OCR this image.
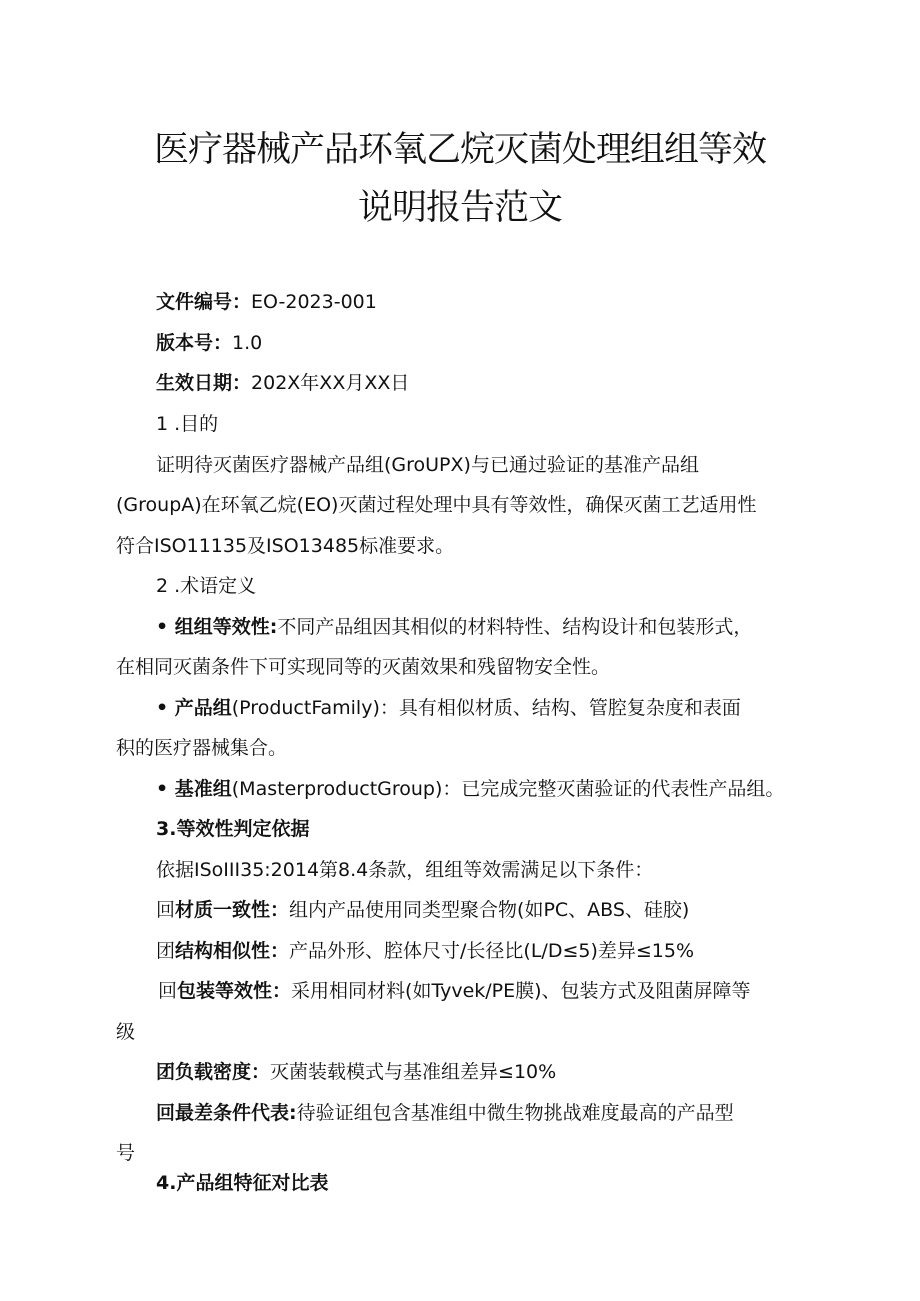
医疗器械产品环氧乙烷灭菌处理组组等效
说明报告范文

文件编号：EO-2023-001

版本号：1.0

生效日期：202X年XX月XX日

1 .目的

证明待灭菌医疗器械产品组(GroUPX)与已通过验证的基准产品组

(GroupA)在环氧乙烷(EO)灭菌过程处理中具有等效性，确保灭菌工艺适用性

符合ISO11135及ISO13485标准要求。

2 .术语定义

• 组组等效性:不同产品组因其相似的材料特性、结构设计和包装形式，

在相同灭菌条件下可实现同等的灭菌效果和残留物安全性。

• 产品组(ProductFamily)：具有相似材质、结构、管腔复杂度和表面

积的医疗器械集合。

• 基准组(MasterproductGroup)：已完成完整灭菌验证的代表性产品组。

3.等效性判定依据

依据ISoIII35:2014第8.4条款，组组等效需满足以下条件：

回材质一致性：组内产品使用同类型聚合物(如PC、ABS、硅胶)

团结构相似性：产品外形、腔体尺寸/长径比(L/D≤5)差异≤15%

回包装等效性：采用相同材料(如Tyvek/PE膜)、包装方式及阻菌屏障等

级

团负载密度：灭菌装载模式与基准组差异≤10%

回最差条件代表:待验证组包含基准组中微生物挑战难度最高的产品型

号

4.产品组特征对比表
